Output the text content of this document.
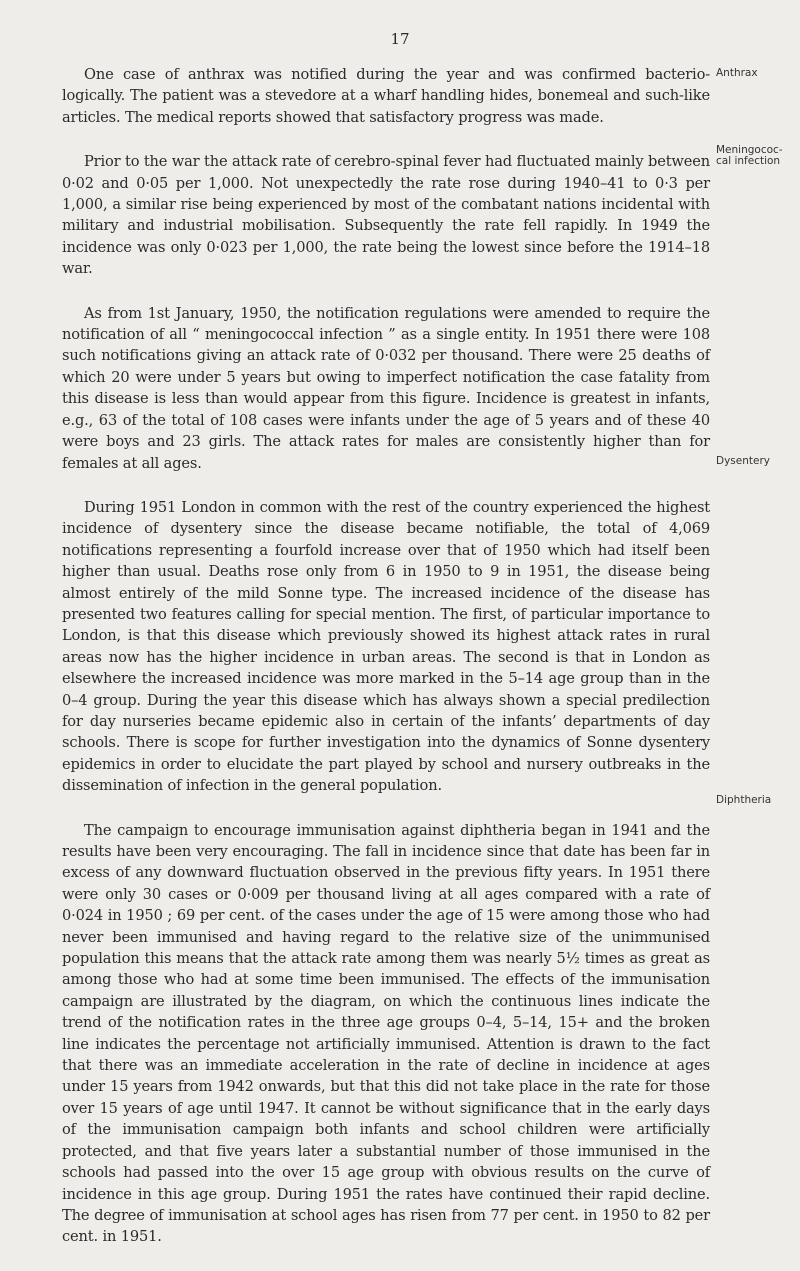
17
Anthrax
Meningococ-cal infection
Dysentery
Diphtheria

One case of anthrax was notified during the year and was confirmed bacterio-logically. The patient was a stevedore at a wharf handling hides, bonemeal and such-like articles. The medical reports showed that satisfactory progress was made.

Prior to the war the attack rate of cerebro-spinal fever had fluctuated mainly between 0·02 and 0·05 per 1,000. Not unexpectedly the rate rose during 1940–41 to 0·3 per 1,000, a similar rise being experienced by most of the combatant nations incidental with military and industrial mobilisation. Subsequently the rate fell rapidly. In 1949 the incidence was only 0·023 per 1,000, the rate being the lowest since before the 1914–18 war.

As from 1st January, 1950, the notification regulations were amended to require the notification of all “ meningococcal infection ” as a single entity. In 1951 there were 108 such notifications giving an attack rate of 0·032 per thousand. There were 25 deaths of which 20 were under 5 years but owing to imperfect notification the case fatality from this disease is less than would appear from this figure. Incidence is greatest in infants, e.g., 63 of the total of 108 cases were infants under the age of 5 years and of these 40 were boys and 23 girls. The attack rates for males are consistently higher than for females at all ages.

During 1951 London in common with the rest of the country experienced the highest incidence of dysentery since the disease became notifiable, the total of 4,069 notifications representing a fourfold increase over that of 1950 which had itself been higher than usual. Deaths rose only from 6 in 1950 to 9 in 1951, the disease being almost entirely of the mild Sonne type. The increased incidence of the disease has presented two features calling for special mention. The first, of particular importance to London, is that this disease which previously showed its highest attack rates in rural areas now has the higher incidence in urban areas. The second is that in London as elsewhere the increased incidence was more marked in the 5–14 age group than in the 0–4 group. During the year this disease which has always shown a special predilection for day nurseries became epidemic also in certain of the infants’ departments of day schools. There is scope for further investigation into the dynamics of Sonne dysentery epidemics in order to elucidate the part played by school and nursery outbreaks in the dissemination of infection in the general population.

The campaign to encourage immunisation against diphtheria began in 1941 and the results have been very encouraging. The fall in incidence since that date has been far in excess of any downward fluctuation observed in the previous fifty years. In 1951 there were only 30 cases or 0·009 per thousand living at all ages compared with a rate of 0·024 in 1950 ; 69 per cent. of the cases under the age of 15 were among those who had never been immunised and having regard to the relative size of the unimmunised population this means that the attack rate among them was nearly 5½ times as great as among those who had at some time been immunised. The effects of the immunisation campaign are illustrated by the diagram, on which the continuous lines indicate the trend of the notification rates in the three age groups 0–4, 5–14, 15+ and the broken line indicates the percentage not artificially immunised. Attention is drawn to the fact that there was an immediate acceleration in the rate of decline in incidence at ages under 15 years from 1942 onwards, but that this did not take place in the rate for those over 15 years of age until 1947. It cannot be without significance that in the early days of the immunisation campaign both infants and school children were artificially protected, and that five years later a substantial number of those immunised in the schools had passed into the over 15 age group with obvious results on the curve of incidence in this age group. During 1951 the rates have continued their rapid decline. The degree of immunisation at school ages has risen from 77 per cent. in 1950 to 82 per cent. in 1951.
